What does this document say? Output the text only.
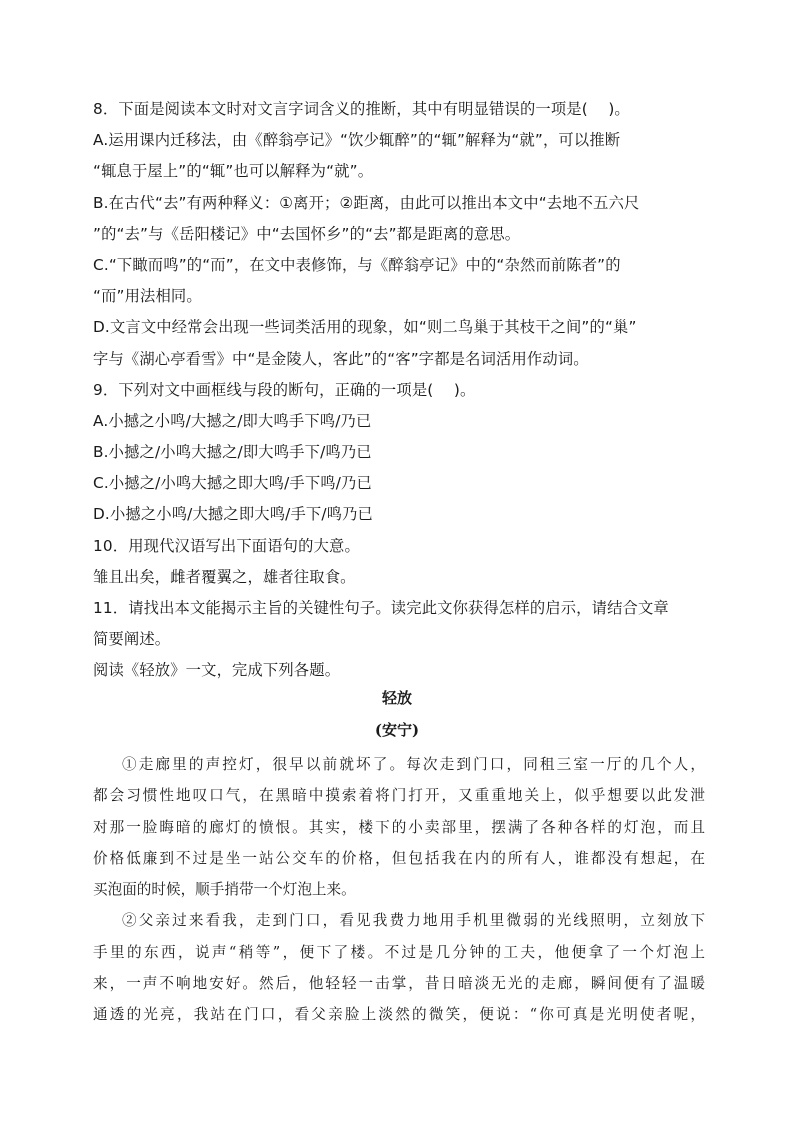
8．下面是阅读本文时对文言字词含义的推断，其中有明显错误的一项是(　 )。
A.运用课内迁移法，由《醉翁亭记》“饮少辄醉”的“辄”解释为“就”，可以推断
“辄息于屋上”的“辄”也可以解释为“就”。
B.在古代“去”有两种释义：①离开；②距离，由此可以推出本文中“去地不五六尺
”的“去”与《岳阳楼记》中“去国怀乡”的“去”都是距离的意思。
C.“下瞰而鸣”的“而”，在文中表修饰，与《醉翁亭记》中的“杂然而前陈者”的
“而”用法相同。
D.文言文中经常会出现一些词类活用的现象，如“则二鸟巢于其枝干之间”的“巢”
字与《湖心亭看雪》中“是金陵人，客此”的“客”字都是名词活用作动词。
9．下列对文中画框线与段的断句，正确的一项是(　 )。
A.小撼之小鸣/大撼之/即大鸣手下鸣/乃已
B.小撼之/小鸣大撼之/即大鸣手下/鸣乃已
C.小撼之/小鸣大撼之即大鸣/手下鸣/乃已
D.小撼之小鸣/大撼之即大鸣/手下/鸣乃已
10．用现代汉语写出下面语句的大意。
雏且出矣，雌者覆翼之，雄者往取食。
11．请找出本文能揭示主旨的关键性句子。读完此文你获得怎样的启示，请结合文章
简要阐述。
阅读《轻放》一文，完成下列各题。
轻放
(安宁)
①走廊里的声控灯，很早以前就坏了。每次走到门口，同租三室一厅的几个人，
都会习惯性地叹口气，在黑暗中摸索着将门打开，又重重地关上，似乎想要以此发泄
对那一脸晦暗的廊灯的愤恨。其实，楼下的小卖部里，摆满了各种各样的灯泡，而且
价格低廉到不过是坐一站公交车的价格，但包括我在内的所有人，谁都没有想起，在
买泡面的时候，顺手捎带一个灯泡上来。
②父亲过来看我，走到门口，看见我费力地用手机里微弱的光线照明，立刻放下
手里的东西，说声“稍等”，便下了楼。不过是几分钟的工夫，他便拿了一个灯泡上
来，一声不响地安好。然后，他轻轻一击掌，昔日暗淡无光的走廊，瞬间便有了温暖
通透的光亮，我站在门口，看父亲脸上淡然的微笑，便说：“你可真是光明使者呢，
